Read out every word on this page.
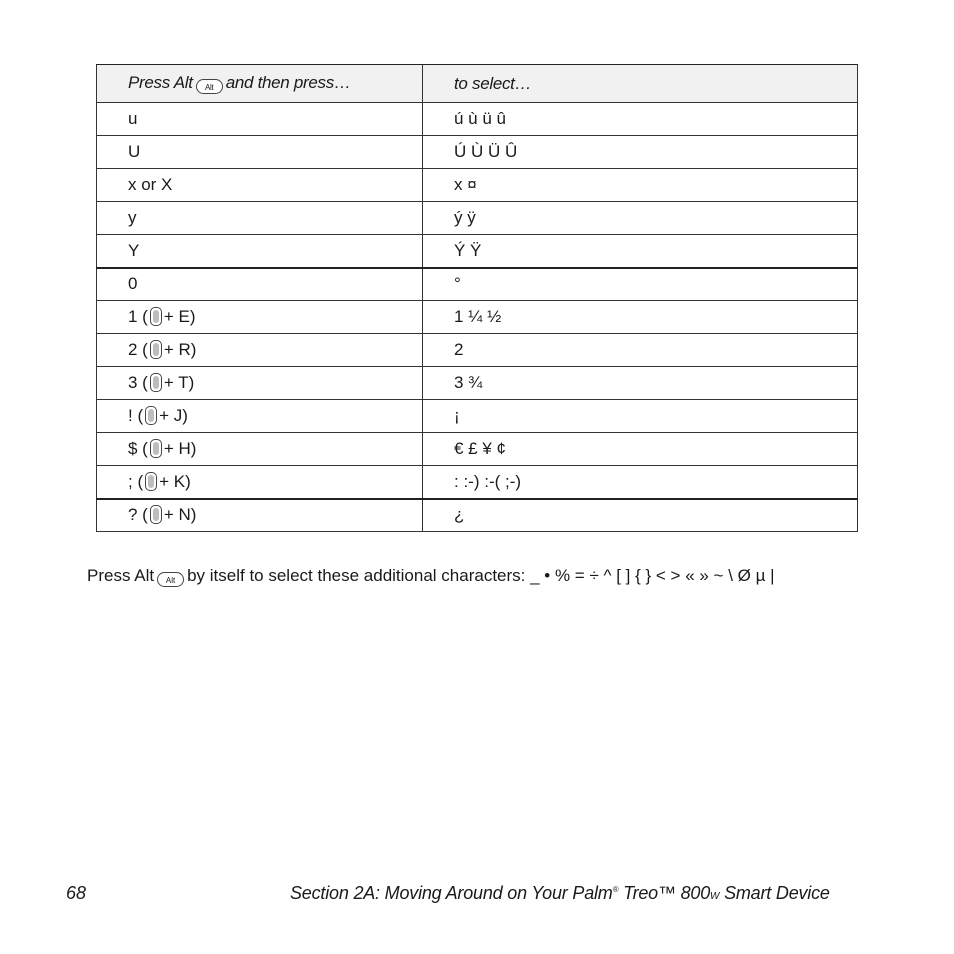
Press Alt Alt and then press…	to select…
u	ú ù ü û
U	Ú Ù Ü Û
x or X	x ¤
y	ý ÿ
Y	Ý Ÿ
0	°
1 ( + E)	1 ¼ ½
2 ( + R)	2
3 ( + T)	3 ¾
! ( + J)	¡
$ ( + H)	€ £ ¥ ¢
; ( + K)	: :-) :-( ;-)
? ( + N)	¿
Press Alt Alt by itself to select these additional characters: _ • % = ÷ ^ [ ] { } < > « » ~ \ Ø µ |
68	Section 2A: Moving Around on Your Palm® Treo™ 800W Smart Device
